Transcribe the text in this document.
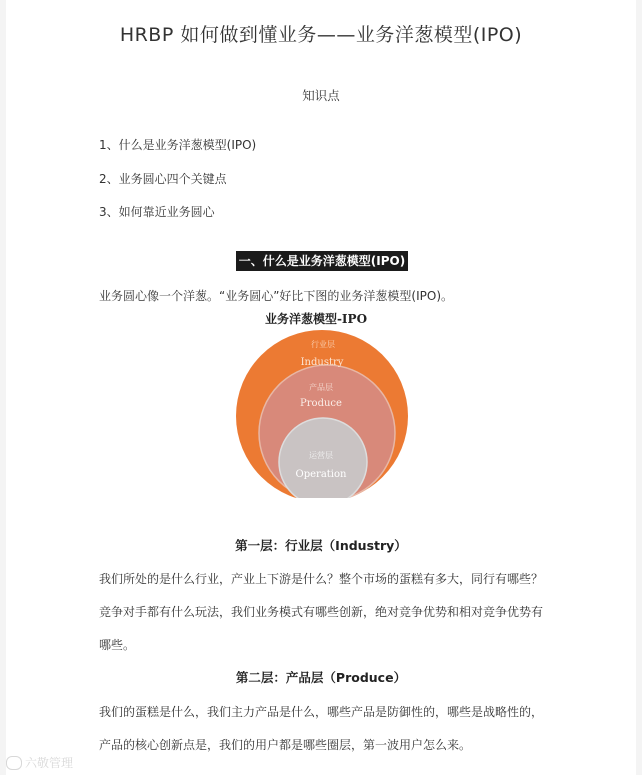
HRBP 如何做到懂业务——业务洋葱模型(IPO)
知识点
1、什么是业务洋葱模型(IPO)
2、业务圆心四个关键点
3、如何靠近业务圆心
一、什么是业务洋葱模型(IPO)
业务圆心像一个洋葱。“业务圆心”好比下图的业务洋葱模型(IPO)。
业务洋葱模型-IPO
行业层
Industry
产品层
Produce
运营层
Operation
第一层：行业层（Industry）
我们所处的是什么行业，产业上下游是什么？整个市场的蛋糕有多大，同行有哪些？
竞争对手都有什么玩法，我们业务模式有哪些创新，绝对竞争优势和相对竞争优势有
哪些。
第二层：产品层（Produce）
我们的蛋糕是什么，我们主力产品是什么，哪些产品是防御性的，哪些是战略性的，
产品的核心创新点是，我们的用户都是哪些圈层，第一波用户怎么来。
六敬管理
